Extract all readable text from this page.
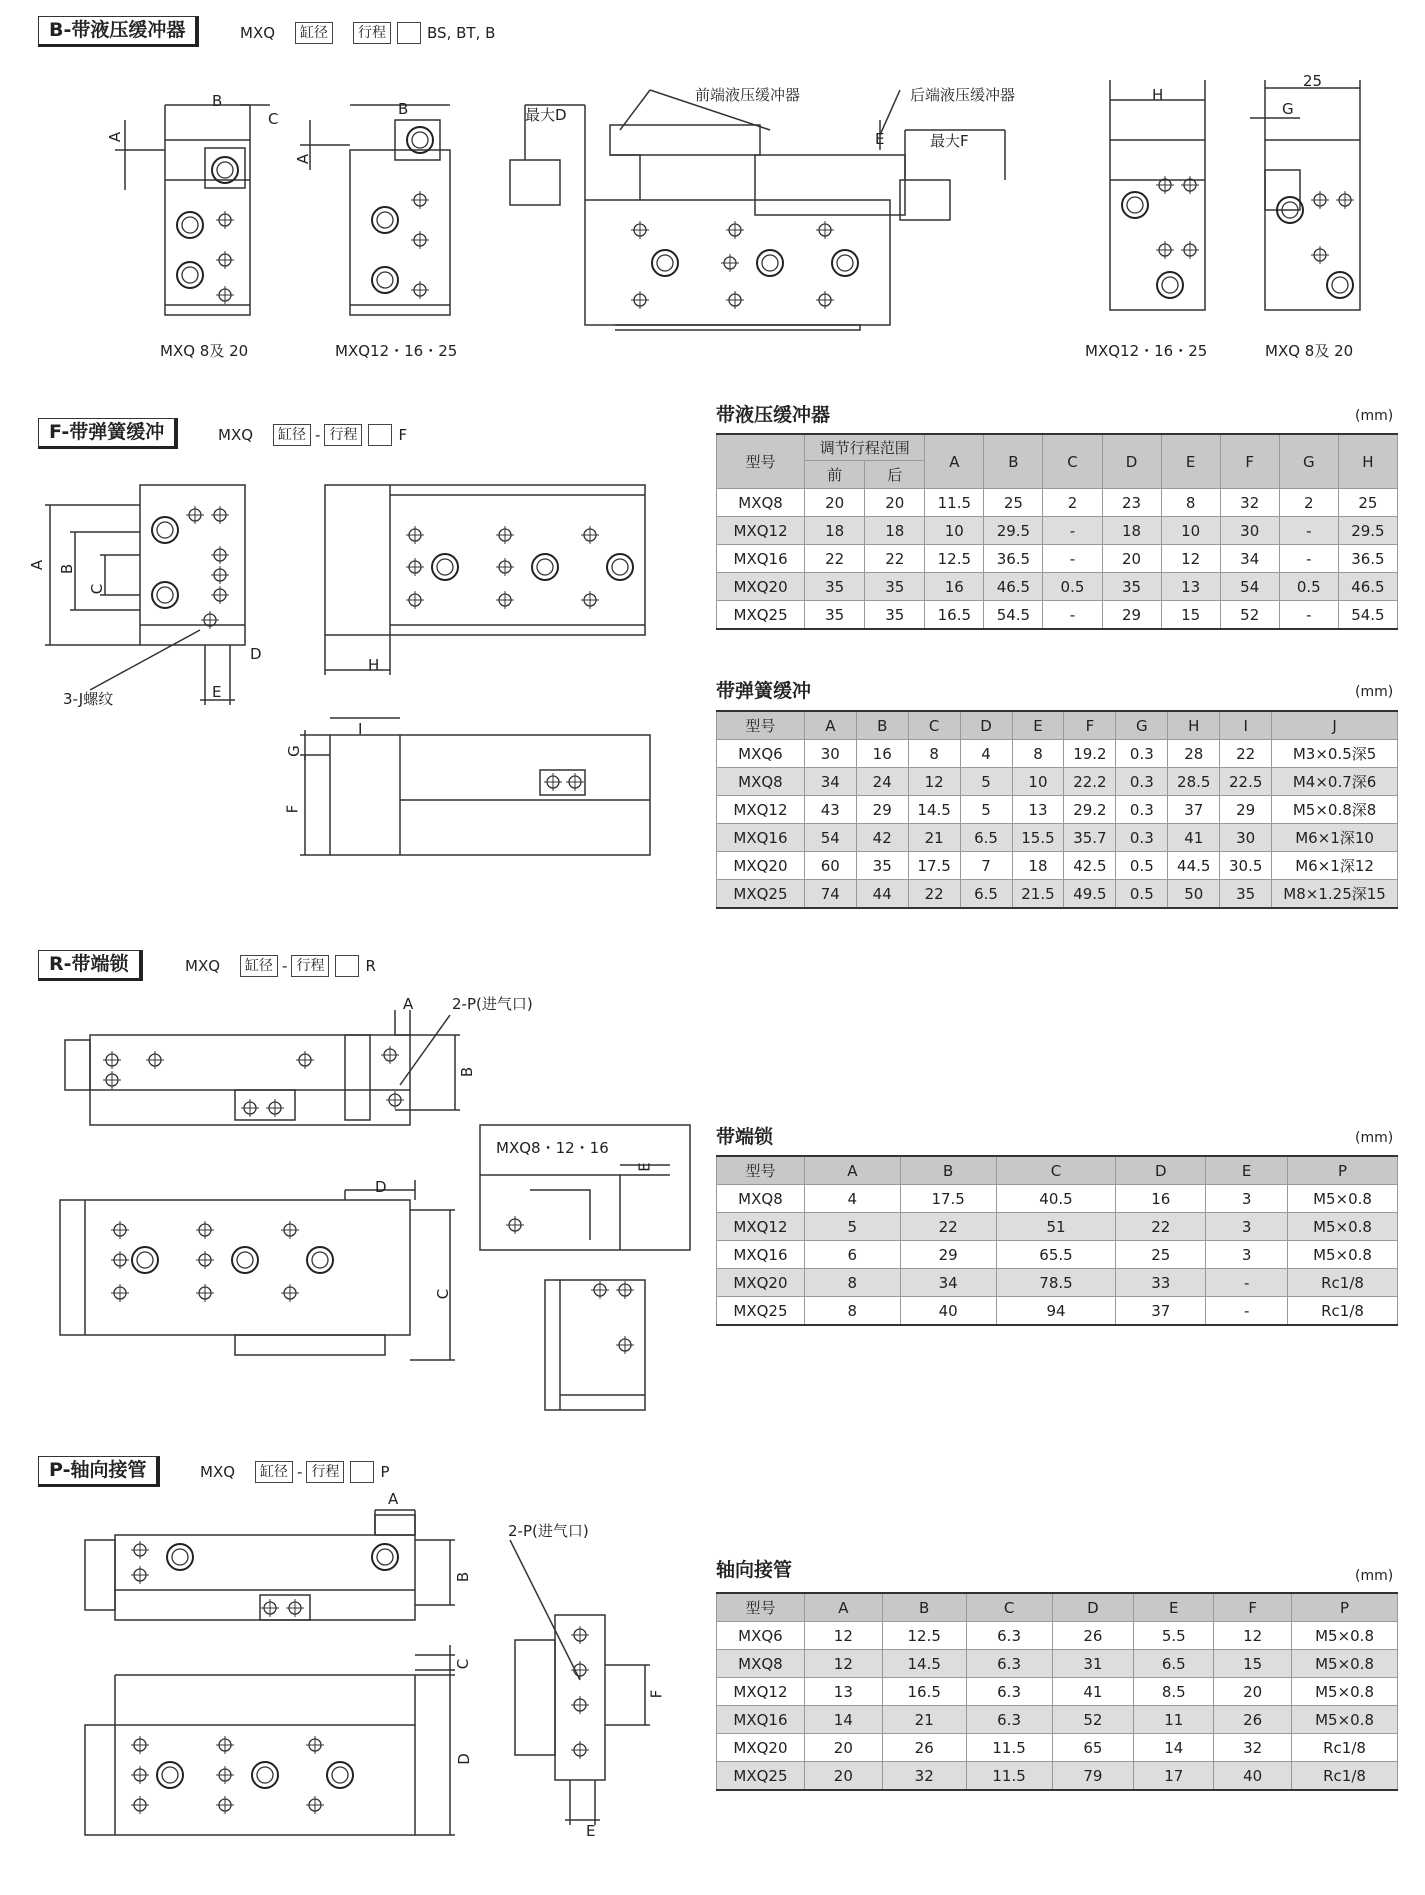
B-带液压缓冲器	MXQ	缸径	行程	BS, BT, B
F-带弹簧缓冲	MXQ	缸径 - 行程	F
R-带端锁	MXQ	缸径 - 行程	R
P-轴向接管	MXQ	缸径 - 行程	P
B
C
A
B
A
最大D
前端液压缓冲器	后端液压缓冲器
E	最大F
H
25
G
MXQ 8及 20	MXQ12・16・25	MXQ12・16・25	MXQ 8及 20
A B
C
D
E
3-J螺纹
H
I
G
F
A	2-P(进气口)
B
D
C
MXQ8・12・16
E
A
2-P(进气口)
B
C
D
F
E
带液压缓冲器	(mm)
型号	调节行程范围		A	B	C	D	E	F	G	H
	前	后								
MXQ8	20	20	11.5	25	2	23	8	32	2	25
MXQ12	18	18	10	29.5	-	18	10	30	-	29.5
MXQ16	22	22	12.5	36.5	-	20	12	34	-	36.5
MXQ20	35	35	16	46.5	0.5	35	13	54	0.5	46.5
MXQ25	35	35	16.5	54.5	-	29	15	52	-	54.5
带弹簧缓冲	(mm)
型号	A	B	C	D	E	F	G	H	I	J
MXQ6	30	16	8	4	8	19.2	0.3	28	22	M3×0.5深5
MXQ8	34	24	12	5	10	22.2	0.3	28.5	22.5	M4×0.7深6
MXQ12	43	29	14.5	5	13	29.2	0.3	37	29	M5×0.8深8
MXQ16	54	42	21	6.5	15.5	35.7	0.3	41	30	M6×1深10
MXQ20	60	35	17.5	7	18	42.5	0.5	44.5	30.5	M6×1深12
MXQ25	74	44	22	6.5	21.5	49.5	0.5	50	35	M8×1.25深15
带端锁	(mm)
型号	A	B	C	D	E	P
MXQ8	4	17.5	40.5	16	3	M5×0.8
MXQ12	5	22	51	22	3	M5×0.8
MXQ16	6	29	65.5	25	3	M5×0.8
MXQ20	8	34	78.5	33	-	Rc1/8
MXQ25	8	40	94	37	-	Rc1/8
轴向接管	(mm)
型号	A	B	C	D	E	F	P
MXQ6	12	12.5	6.3	26	5.5	12	M5×0.8
MXQ8	12	14.5	6.3	31	6.5	15	M5×0.8
MXQ12	13	16.5	6.3	41	8.5	20	M5×0.8
MXQ16	14	21	6.3	52	11	26	M5×0.8
MXQ20	20	26	11.5	65	14	32	Rc1/8
MXQ25	20	32	11.5	79	17	40	Rc1/8
